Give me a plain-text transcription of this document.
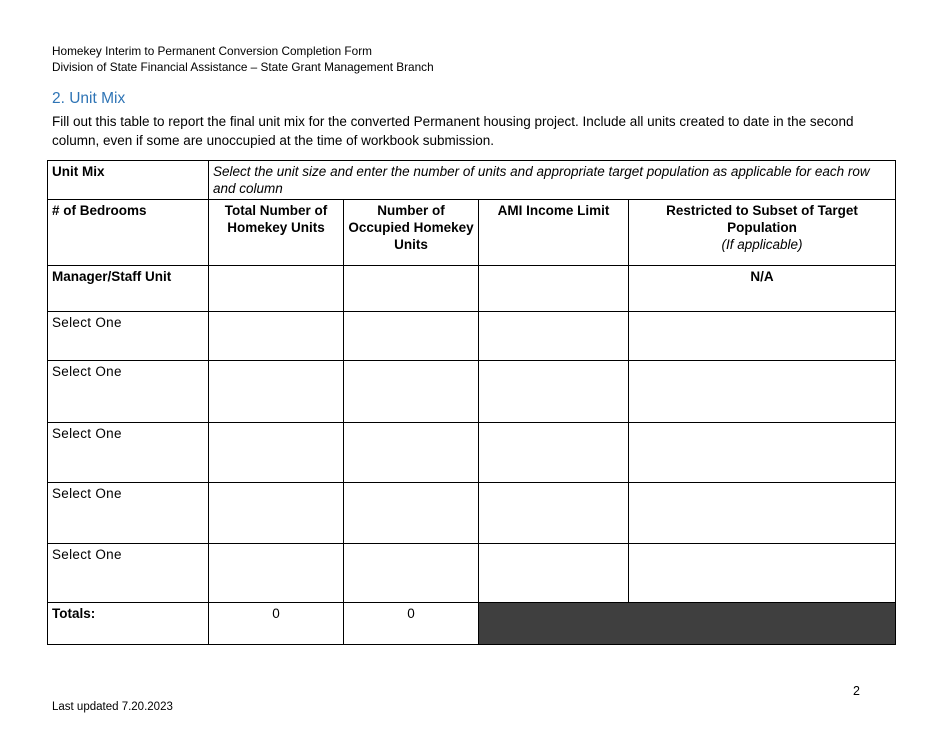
Homekey Interim to Permanent Conversion Completion Form
Division of State Financial Assistance – State Grant Management Branch
2. Unit Mix

Fill out this table to report the final unit mix for the converted Permanent housing project. Include all units created to date in the second column, even if some are unoccupied at the time of workbook submission.

Unit Mix	Select the unit size and enter the number of units and appropriate target population as applicable for each row and column			
# of Bedrooms	Total Number of Homekey Units	Number of Occupied Homekey Units	AMI Income Limit	Restricted to Subset of Target Population
(If applicable)

Manager/Staff Unit				N/A
Select One				
Select One				
Select One				
Select One				
Select One				
Totals:	0	0		
2
Last updated 7.20.2023
